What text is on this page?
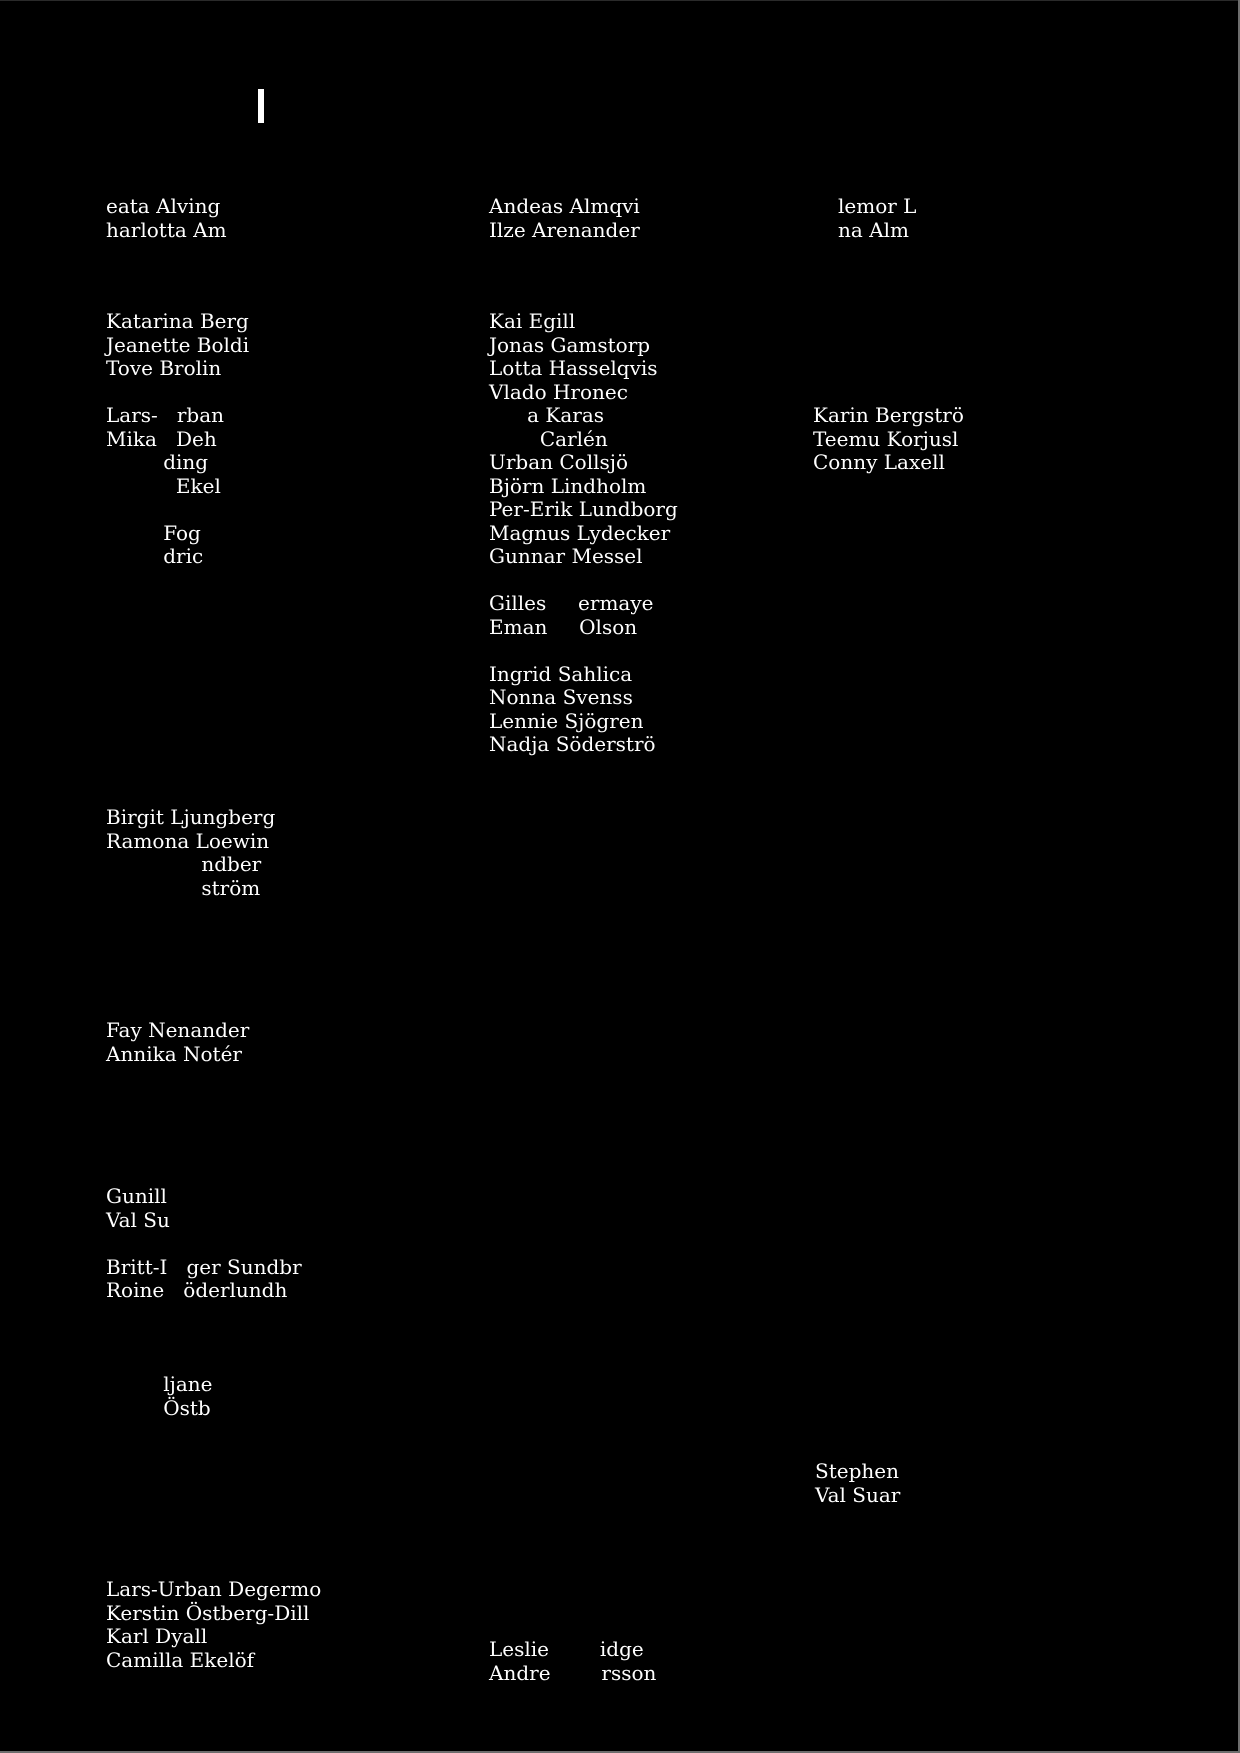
eata Alving
harlotta Am
Katarina Berg
Jeanette Boldi
Tove Brolin
Lars-   rban
Mika   Deh
ding
Ekel
Fog
dric
Birgit Ljungberg
Ramona Loewin
ndber
ström
Fay Nenander
Annika Notér
Gunill
Val Su
Britt-I   ger Sundbr
Roine   öderlundh
ljane
Östb
Lars-Urban Degermo
Kerstin Östberg-Dill
Karl Dyall
Camilla Ekelöf
Andeas Almqvi
Ilze Arenander
Kai Egill
Jonas Gamstorp
Lotta Hasselqvis
Vlado Hronec
a Karas
Carlén
Urban Collsjö
Björn Lindholm
Per-Erik Lundborg
Magnus Lydecker
Gunnar Messel
Gilles     ermaye
Eman     Olson
Ingrid Sahlica
Nonna Svenss
Lennie Sjögren
Nadja Söderströ
Leslie        idge
Andre        rsson
lemor L
na Alm
Karin Bergströ
Teemu Korjusl
Conny Laxell
Stephen
Val Suar
